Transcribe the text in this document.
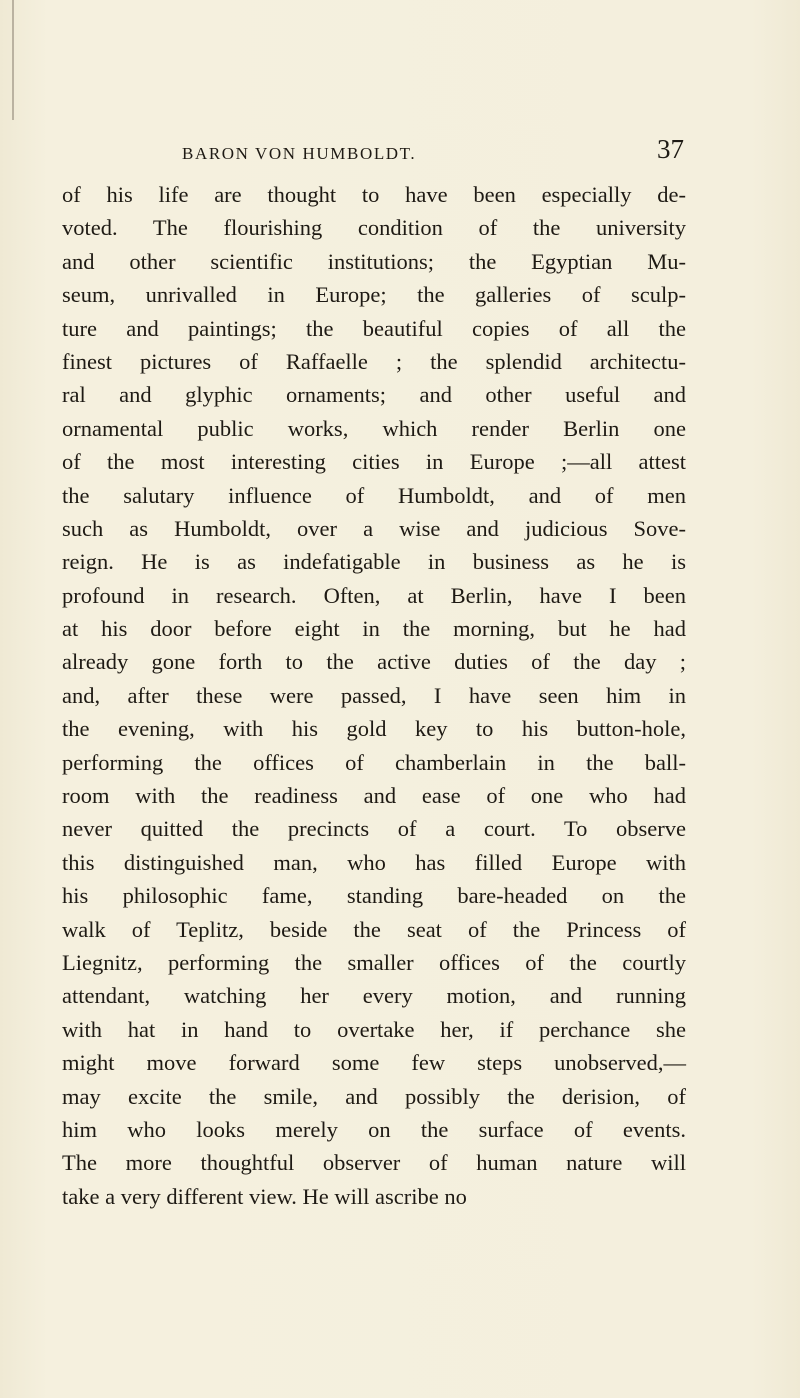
BARON VON HUMBOLDT.	37
of his life are thought to have been especially de-
voted. The flourishing condition of the university
and other scientific institutions; the Egyptian Mu-
seum, unrivalled in Europe; the galleries of sculp-
ture and paintings; the beautiful copies of all the
finest pictures of Raffaelle ; the splendid architectu-
ral and glyphic ornaments; and other useful and
ornamental public works, which render Berlin one
of the most interesting cities in Europe ;—all attest
the salutary influence of Humboldt, and of men
such as Humboldt, over a wise and judicious Sove-
reign. He is as indefatigable in business as he is
profound in research. Often, at Berlin, have I been
at his door before eight in the morning, but he had
already gone forth to the active duties of the day ;
and, after these were passed, I have seen him in
the evening, with his gold key to his button-hole,
performing the offices of chamberlain in the ball-
room with the readiness and ease of one who had
never quitted the precincts of a court. To observe
this distinguished man, who has filled Europe with
his philosophic fame, standing bare-headed on the
walk of Teplitz, beside the seat of the Princess of
Liegnitz, performing the smaller offices of the courtly
attendant, watching her every motion, and running
with hat in hand to overtake her, if perchance she
might move forward some few steps unobserved,—
may excite the smile, and possibly the derision, of
him who looks merely on the surface of events.
The more thoughtful observer of human nature will
take a very different view. He will ascribe no
